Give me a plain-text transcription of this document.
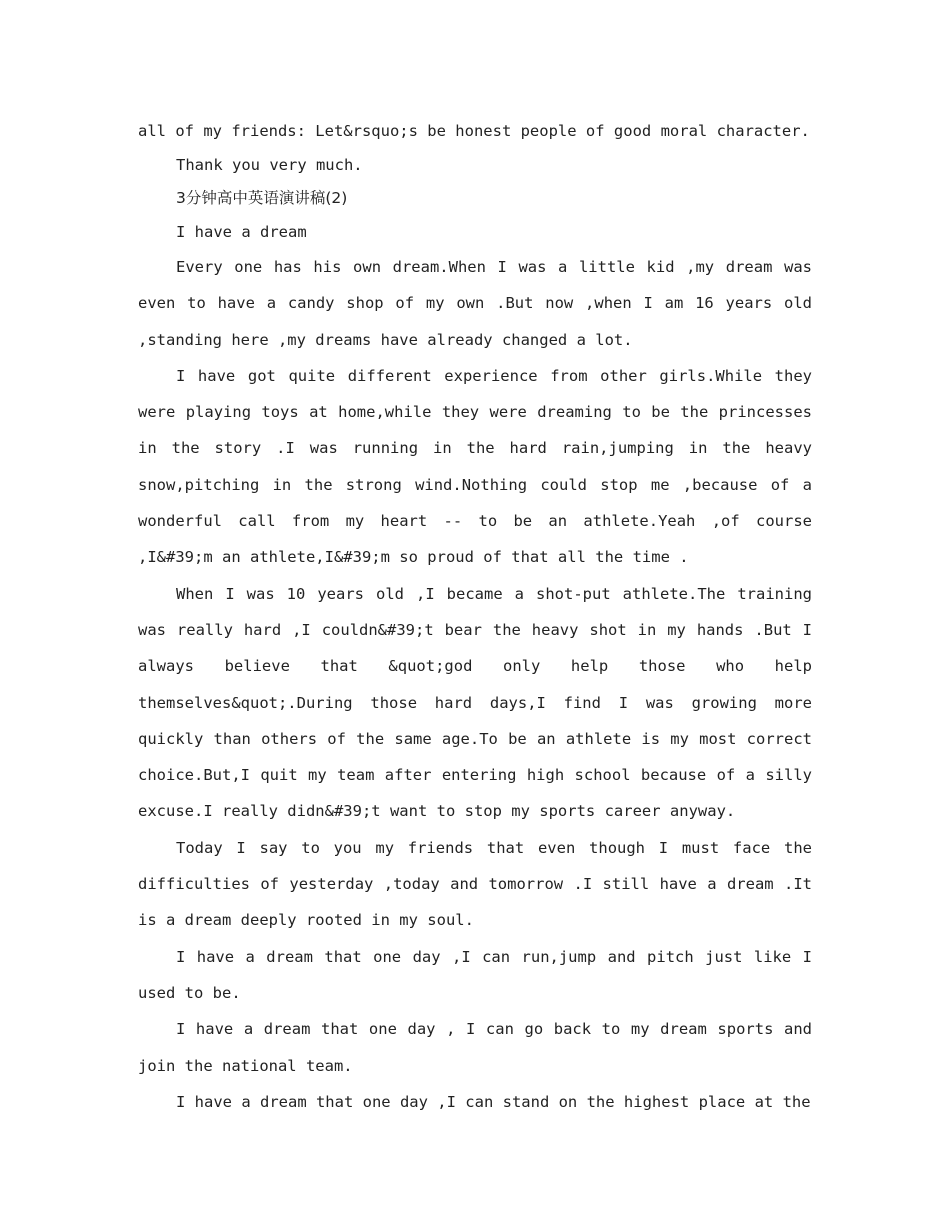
all of my friends: Let&rsquo;s be honest people of good moral character.

Thank you very much.

3分钟高中英语演讲稿(2)

I have a dream

Every one has his own dream.When I was a little kid ,my dream was even to have a candy shop of my own .But now ,when I am 16 years old ,standing here ,my dreams have already changed a lot.

I have got quite different experience from other girls.While they were playing toys at home,while they were dreaming to be the princesses in the story .I was running in the hard rain,jumping in the heavy snow,pitching in the strong wind.Nothing could stop me ,because of a wonderful call from my heart -- to be an athlete.Yeah ,of course ,I&#39;m an athlete,I&#39;m so proud of that all the time .

When I was 10 years old ,I became a shot-put athlete.The training was really hard ,I couldn&#39;t bear the heavy shot in my hands .But I always believe that &quot;god only help those who help themselves&quot;.During those hard days,I find I was growing more quickly than others of the same age.To be an athlete is my most correct choice.But,I quit my team after entering high school because of a silly excuse.I really didn&#39;t want to stop my sports career anyway.

Today I say to you my friends that even though I must face the difficulties of yesterday ,today and tomorrow .I still have a dream .It is a dream deeply rooted in my soul.

I have a dream that one day ,I can run,jump and pitch just like I used to be.

I have a dream that one day , I can go back to my dream sports and join the national team.

I have a dream that one day ,I can stand on the highest place at the
